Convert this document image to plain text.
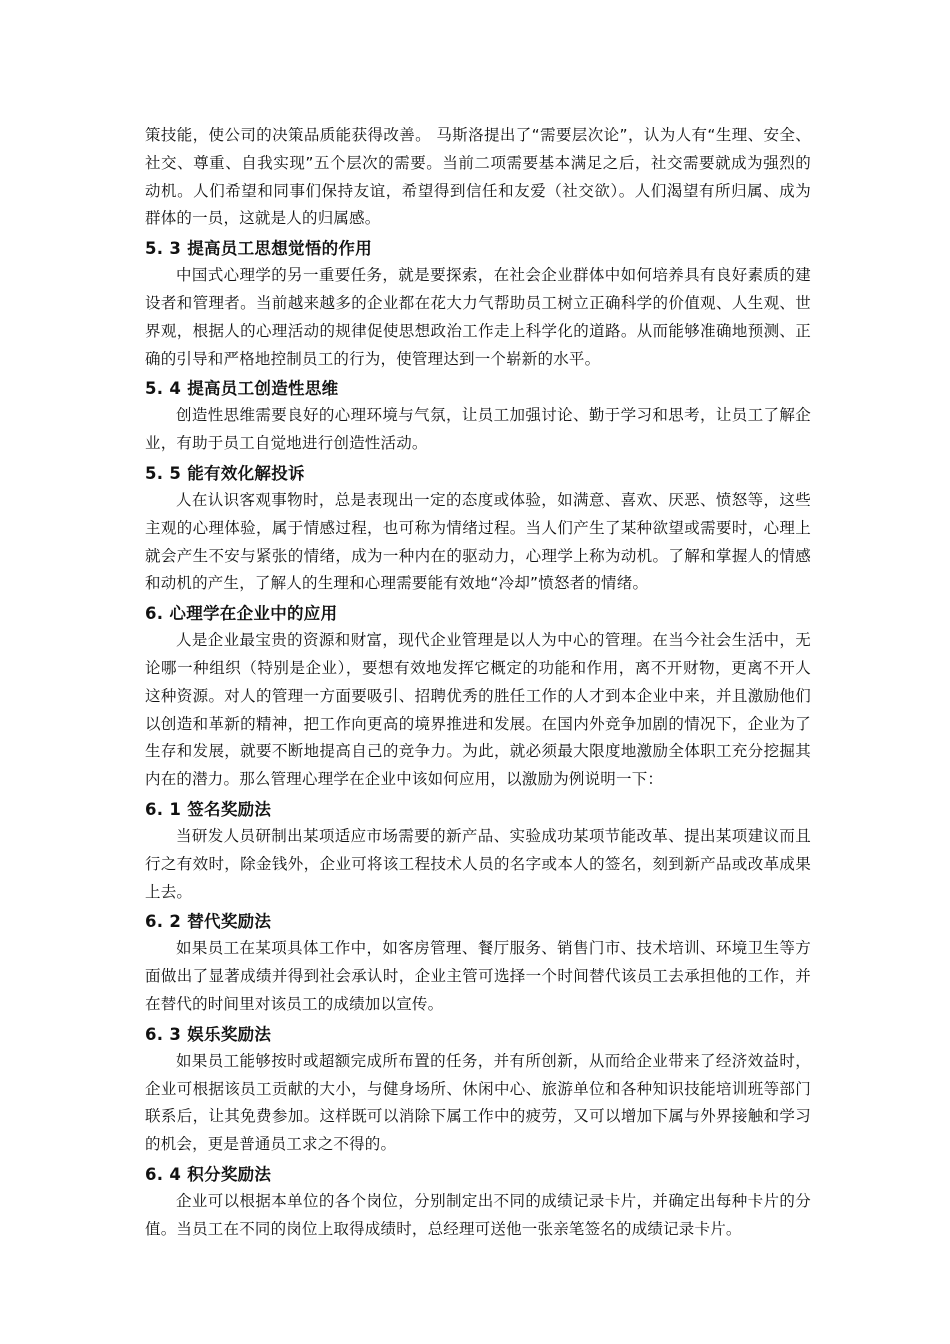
策技能，使公司的决策品质能获得改善。 马斯洛提出了“需要层次论”，认为人有“生理、安全、社交、尊重、自我实现”五个层次的需要。当前二项需要基本满足之后，社交需要就成为强烈的动机。人们希望和同事们保持友谊，希望得到信任和友爱（社交欲）。人们渴望有所归属、成为群体的一员，这就是人的归属感。

5. 3 提高员工思想觉悟的作用

中国式心理学的另一重要任务，就是要探索，在社会企业群体中如何培养具有良好素质的建设者和管理者。当前越来越多的企业都在花大力气帮助员工树立正确科学的价值观、人生观、世界观，根据人的心理活动的规律促使思想政治工作走上科学化的道路。从而能够准确地预测、正确的引导和严格地控制员工的行为，使管理达到一个崭新的水平。

5. 4 提高员工创造性思维

创造性思维需要良好的心理环境与气氛，让员工加强讨论、勤于学习和思考，让员工了解企业，有助于员工自觉地进行创造性活动。

5. 5 能有效化解投诉

人在认识客观事物时，总是表现出一定的态度或体验，如满意、喜欢、厌恶、愤怒等，这些主观的心理体验，属于情感过程，也可称为情绪过程。当人们产生了某种欲望或需要时，心理上就会产生不安与紧张的情绪，成为一种内在的驱动力，心理学上称为动机。了解和掌握人的情感和动机的产生，了解人的生理和心理需要能有效地“冷却”愤怒者的情绪。

6. 心理学在企业中的应用

人是企业最宝贵的资源和财富，现代企业管理是以人为中心的管理。在当今社会生活中，无论哪一种组织（特别是企业），要想有效地发挥它概定的功能和作用，离不开财物，更离不开人这种资源。对人的管理一方面要吸引、招聘优秀的胜任工作的人才到本企业中来，并且激励他们以创造和革新的精神，把工作向更高的境界推进和发展。在国内外竞争加剧的情况下，企业为了生存和发展，就要不断地提高自己的竞争力。为此，就必须最大限度地激励全体职工充分挖掘其内在的潜力。那么管理心理学在企业中该如何应用，以激励为例说明一下：

6. 1 签名奖励法

当研发人员研制出某项适应市场需要的新产品、实验成功某项节能改革、提出某项建议而且行之有效时，除金钱外，企业可将该工程技术人员的名字或本人的签名，刻到新产品或改革成果上去。

6. 2 替代奖励法

如果员工在某项具体工作中，如客房管理、餐厅服务、销售门市、技术培训、环境卫生等方面做出了显著成绩并得到社会承认时，企业主管可选择一个时间替代该员工去承担他的工作，并在替代的时间里对该员工的成绩加以宣传。

6. 3 娱乐奖励法

如果员工能够按时或超额完成所布置的任务，并有所创新，从而给企业带来了经济效益时，企业可根据该员工贡献的大小，与健身场所、休闲中心、旅游单位和各种知识技能培训班等部门联系后，让其免费参加。这样既可以消除下属工作中的疲劳，又可以增加下属与外界接触和学习的机会，更是普通员工求之不得的。

6. 4 积分奖励法

企业可以根据本单位的各个岗位，分别制定出不同的成绩记录卡片，并确定出每种卡片的分值。当员工在不同的岗位上取得成绩时，总经理可送他一张亲笔签名的成绩记录卡片。
